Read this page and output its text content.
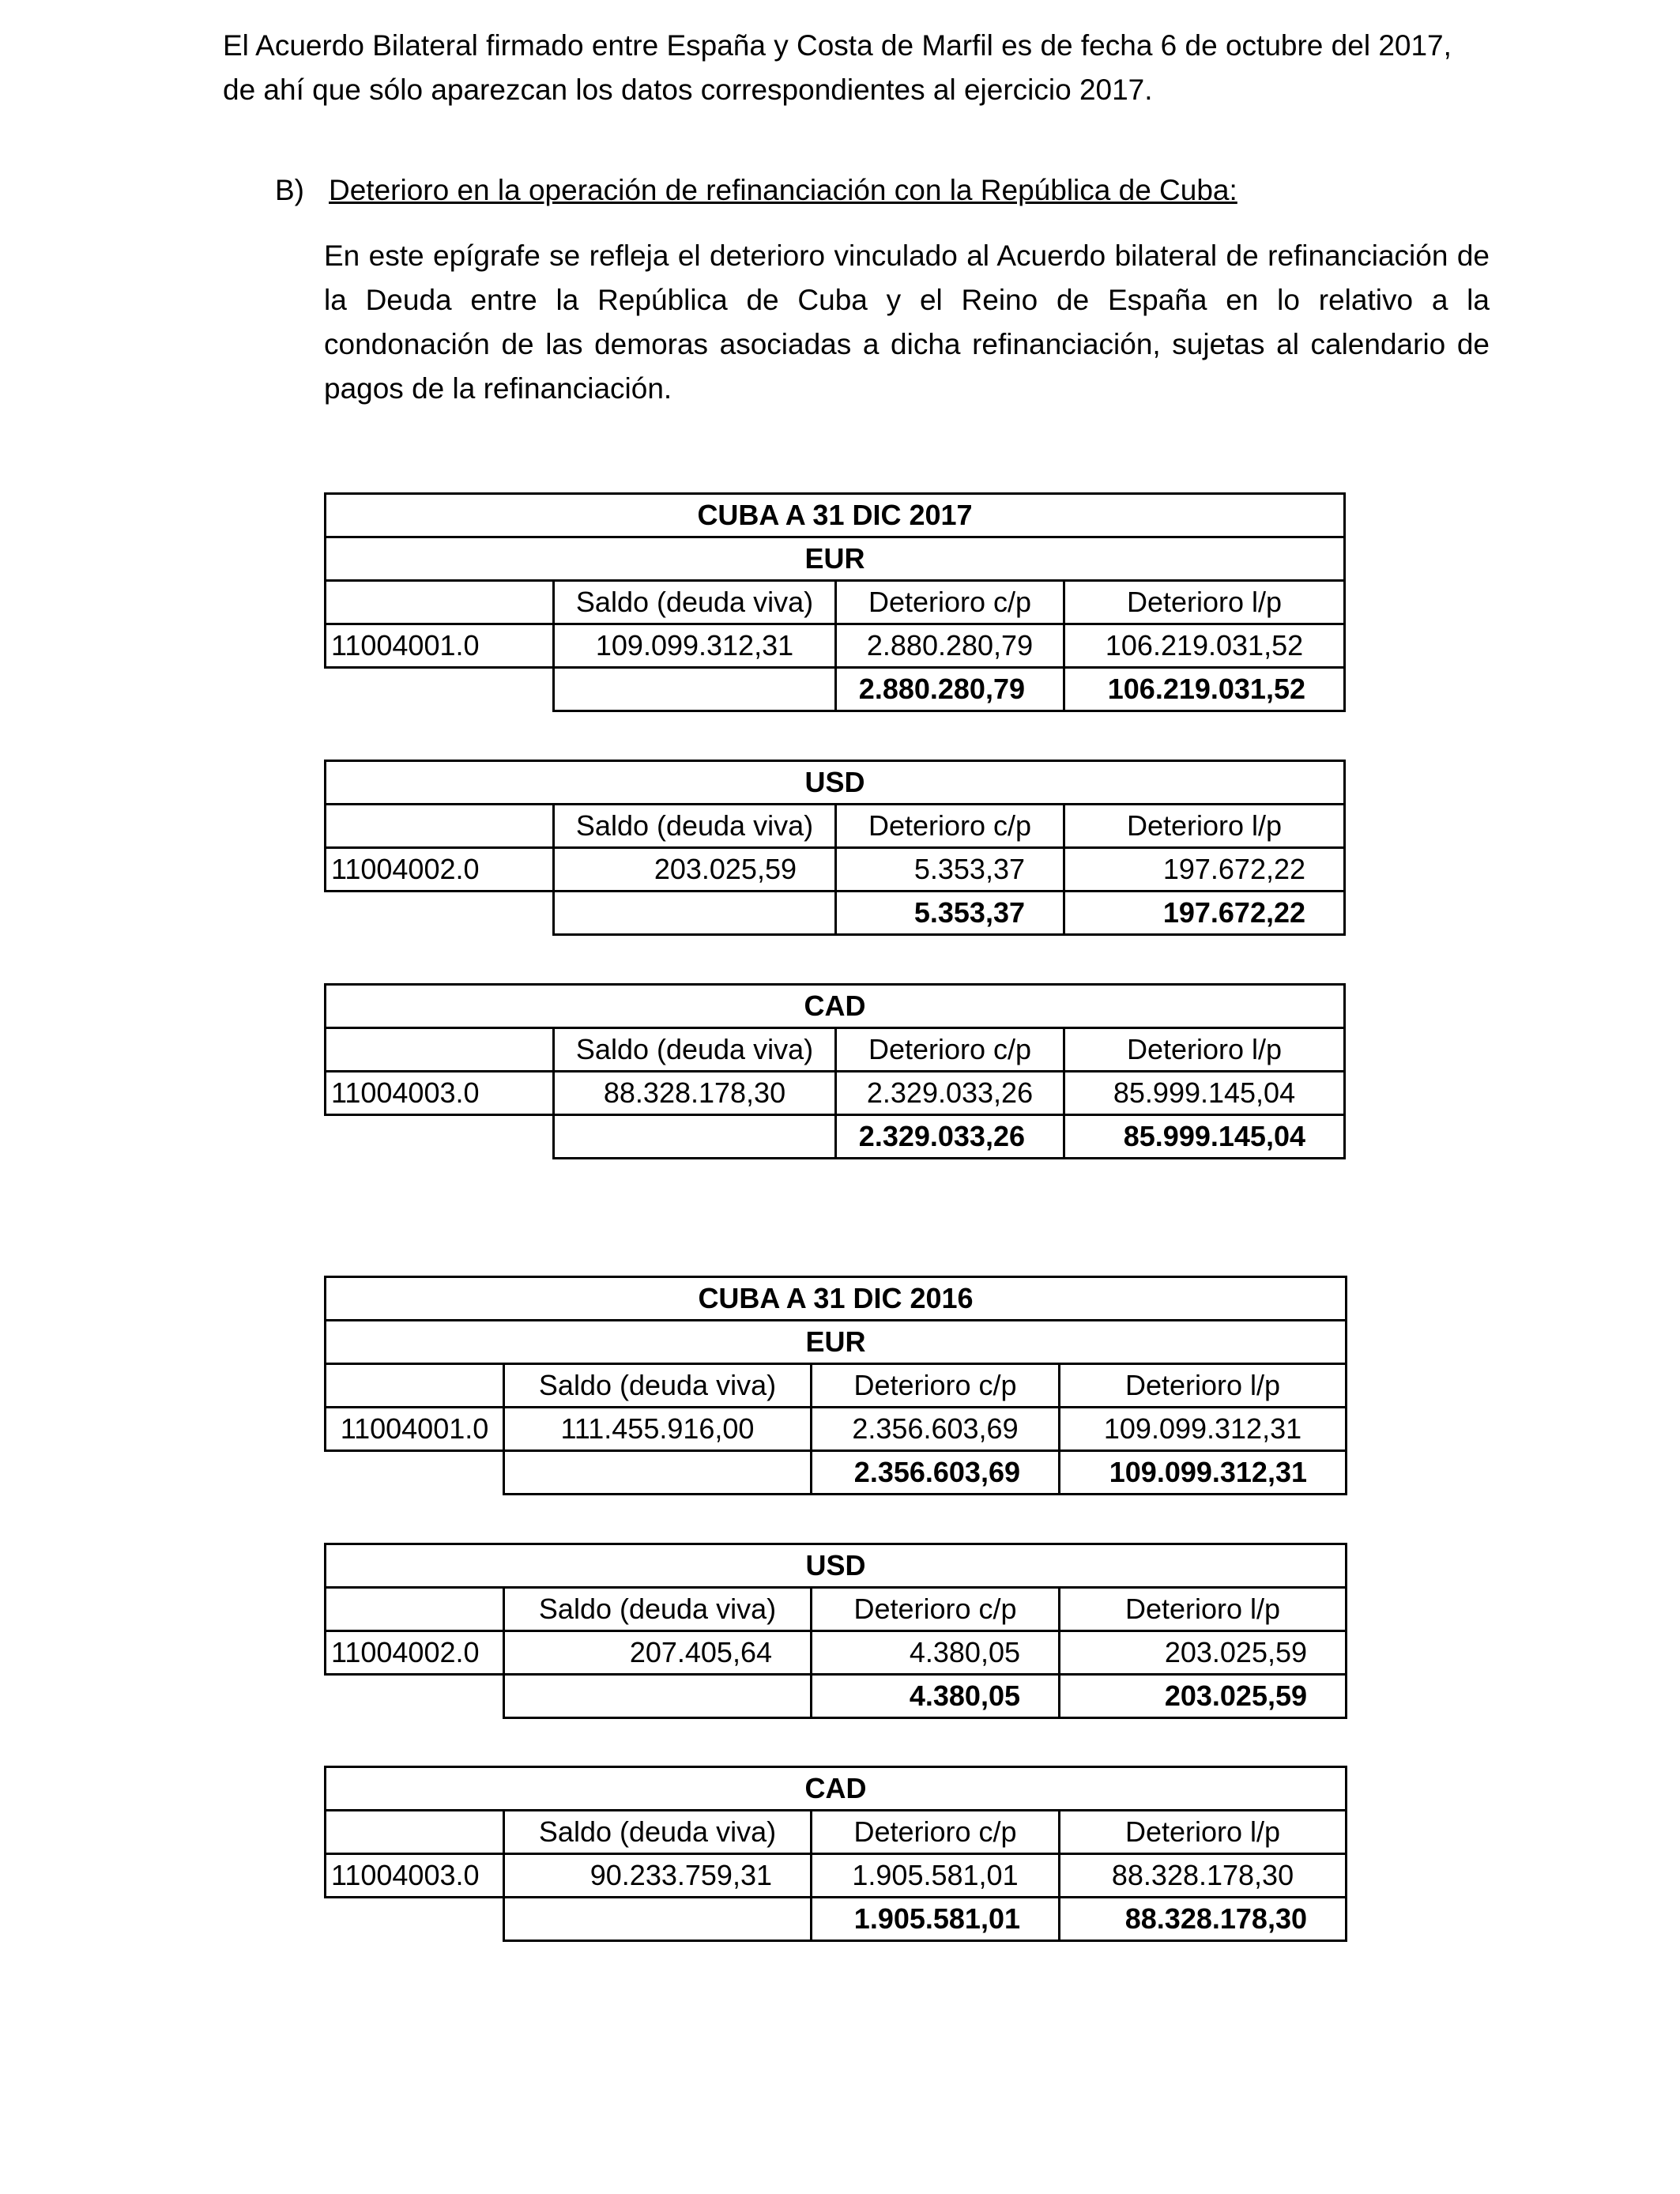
El Acuerdo Bilateral firmado entre España y Costa de Marfil es de fecha 6 de octubre del 2017,
de ahí que sólo aparezcan los datos correspondientes al ejercicio 2017.

B) Deterioro en la operación de refinanciación con la República de Cuba:

En este epígrafe se refleja el deterioro vinculado al Acuerdo bilateral de refinanciación de la Deuda entre la República de Cuba y el Reino de España en lo relativo a la condonación de las demoras asociadas a dicha refinanciación, sujetas al calendario de pagos de la refinanciación.

CUBA A 31 DIC 2017			
EUR			
	Saldo (deuda viva)	Deterioro c/p	Deterioro l/p
11004001.0	109.099.312,31	2.880.280,79	106.219.031,52
		2.880.280,79	106.219.031,52
USD			
	Saldo (deuda viva)	Deterioro c/p	Deterioro l/p
11004002.0	203.025,59	5.353,37	197.672,22
		5.353,37	197.672,22
CAD			
	Saldo (deuda viva)	Deterioro c/p	Deterioro l/p
11004003.0	88.328.178,30	2.329.033,26	85.999.145,04
		2.329.033,26	85.999.145,04
CUBA A 31 DIC 2016			
EUR			
	Saldo (deuda viva)	Deterioro c/p	Deterioro l/p
11004001.0	111.455.916,00	2.356.603,69	109.099.312,31
		2.356.603,69	109.099.312,31
USD			
	Saldo (deuda viva)	Deterioro c/p	Deterioro l/p
11004002.0	207.405,64	4.380,05	203.025,59
		4.380,05	203.025,59
CAD			
	Saldo (deuda viva)	Deterioro c/p	Deterioro l/p
11004003.0	90.233.759,31	1.905.581,01	88.328.178,30
		1.905.581,01	88.328.178,30
